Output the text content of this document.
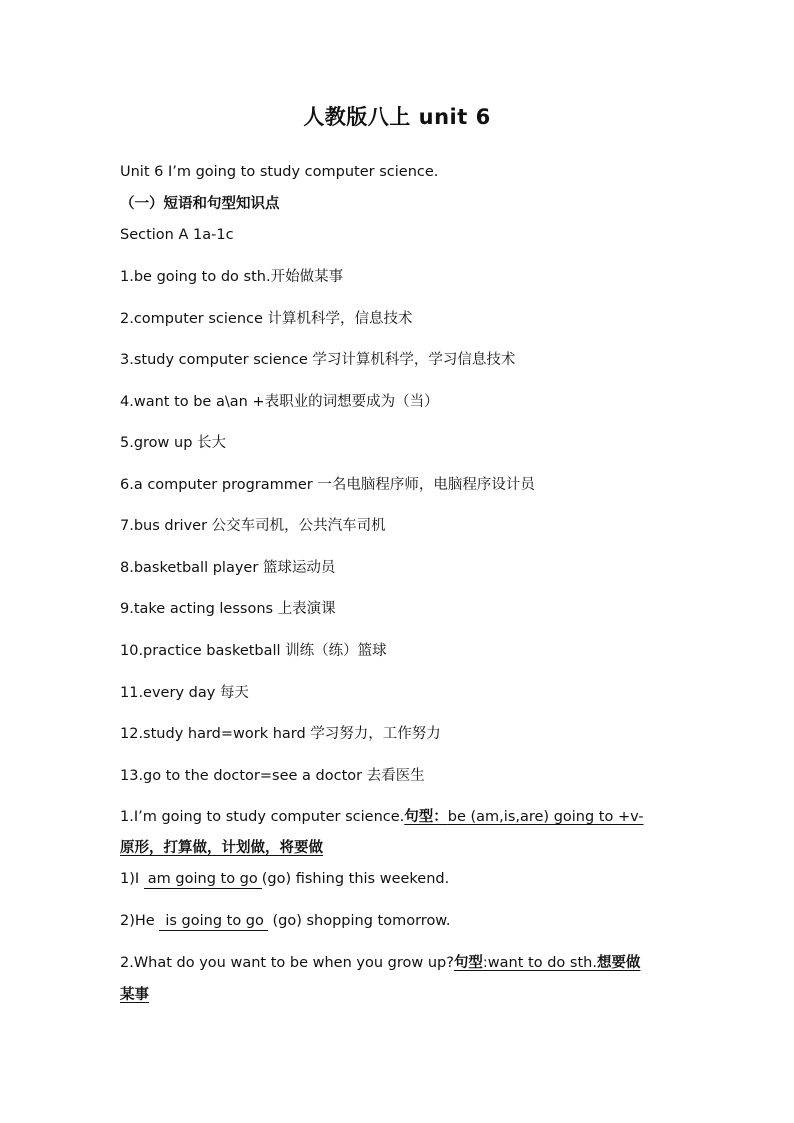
人教版八上 unit 6
Unit 6 I’m going to study computer science.
（一）短语和句型知识点
Section A 1a-1c
1.be going to do sth.开始做某事
2.computer science 计算机科学，信息技术
3.study computer science 学习计算机科学，学习信息技术
4.want to be a\an +表职业的词想要成为（当）
5.grow up 长大
6.a computer programmer 一名电脑程序师，电脑程序设计员
7.bus driver 公交车司机，公共汽车司机
8.basketball player 篮球运动员
9.take acting lessons 上表演课
10.practice basketball 训练（练）篮球
11.every day 每天
12.study hard=work hard 学习努力，工作努力
13.go to the doctor=see a doctor 去看医生
1.I’m going to study computer science.句型：be (am,is,are) going to +v-
原形，打算做，计划做，将要做
1)I am going to go (go) fishing this weekend.
2)He is going to go (go) shopping tomorrow.
2.What do you want to be when you grow up?句型:want to do sth.想要做
某事
